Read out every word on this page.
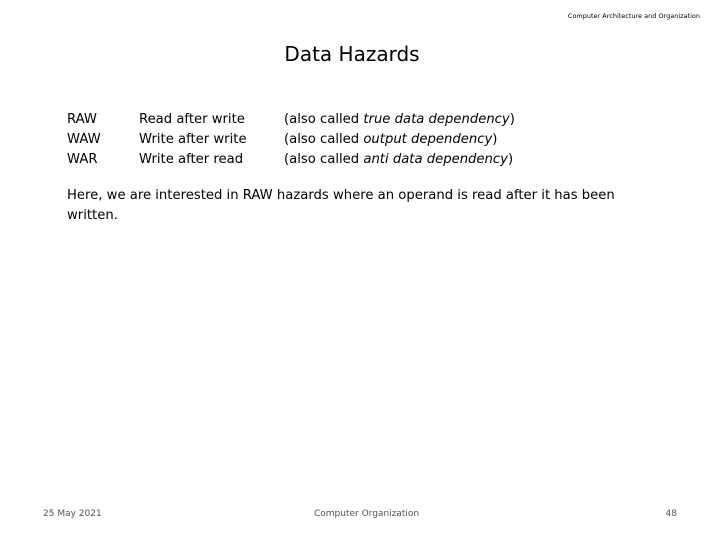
Computer Architecture and Organization
Data Hazards
RAW	Read after write	(also called true data dependency)
WAW	Write after write	(also called output dependency)
WAR	Write after read	(also called anti data dependency)
Here, we are interested in RAW hazards where an operand is read after it has been written.
25 May 2021	Computer Organization	48
